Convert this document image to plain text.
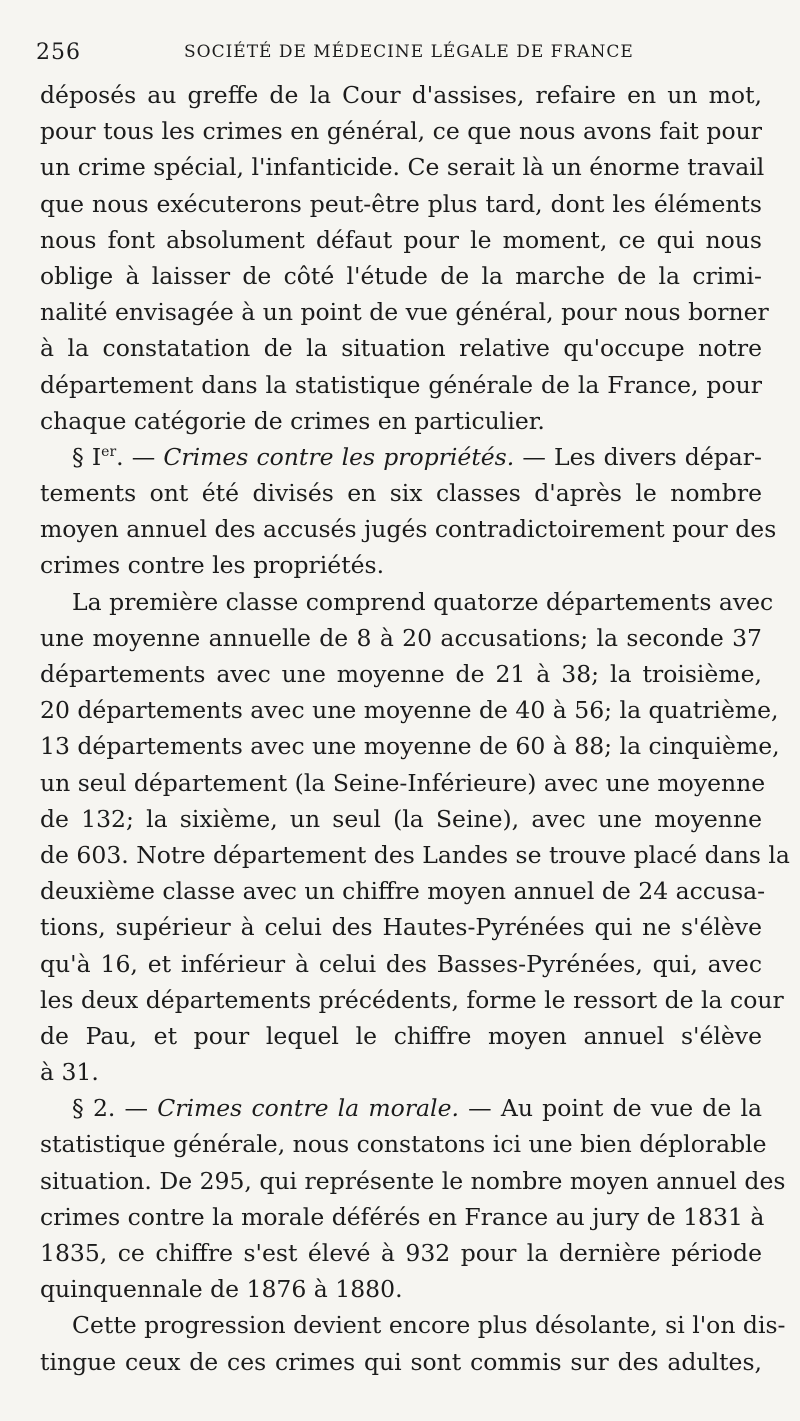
256	SOCIÉTÉ DE MÉDECINE LÉGALE DE FRANCE
déposés au greffe de la Cour d'assises, refaire en un mot,
pour tous les crimes en général, ce que nous avons fait pour
un crime spécial, l'infanticide. Ce serait là un énorme travail
que nous exécuterons peut-être plus tard, dont les éléments
nous font absolument défaut pour le moment, ce qui nous
oblige à laisser de côté l'étude de la marche de la crimi-
nalité envisagée à un point de vue général, pour nous borner
à la constatation de la situation relative qu'occupe notre
département dans la statistique générale de la France, pour
chaque catégorie de crimes en particulier.
§ Ier. — Crimes contre les propriétés. — Les divers dépar-
tements ont été divisés en six classes d'après le nombre
moyen annuel des accusés jugés contradictoirement pour des
crimes contre les propriétés.
La première classe comprend quatorze départements avec
une moyenne annuelle de 8 à 20 accusations; la seconde 37
départements avec une moyenne de 21 à 38; la troisième,
20 départements avec une moyenne de 40 à 56; la quatrième,
13 départements avec une moyenne de 60 à 88; la cinquième,
un seul département (la Seine-Inférieure) avec une moyenne
de 132; la sixième, un seul (la Seine), avec une moyenne
de 603. Notre département des Landes se trouve placé dans la
deuxième classe avec un chiffre moyen annuel de 24 accusa-
tions, supérieur à celui des Hautes-Pyrénées qui ne s'élève
qu'à 16, et inférieur à celui des Basses-Pyrénées, qui, avec
les deux départements précédents, forme le ressort de la cour
de Pau, et pour lequel le chiffre moyen annuel s'élève
à 31.
§ 2. — Crimes contre la morale. — Au point de vue de la
statistique générale, nous constatons ici une bien déplorable
situation. De 295, qui représente le nombre moyen annuel des
crimes contre la morale déférés en France au jury de 1831 à
1835, ce chiffre s'est élevé à 932 pour la dernière période
quinquennale de 1876 à 1880.
Cette progression devient encore plus désolante, si l'on dis-
tingue ceux de ces crimes qui sont commis sur des adultes,
